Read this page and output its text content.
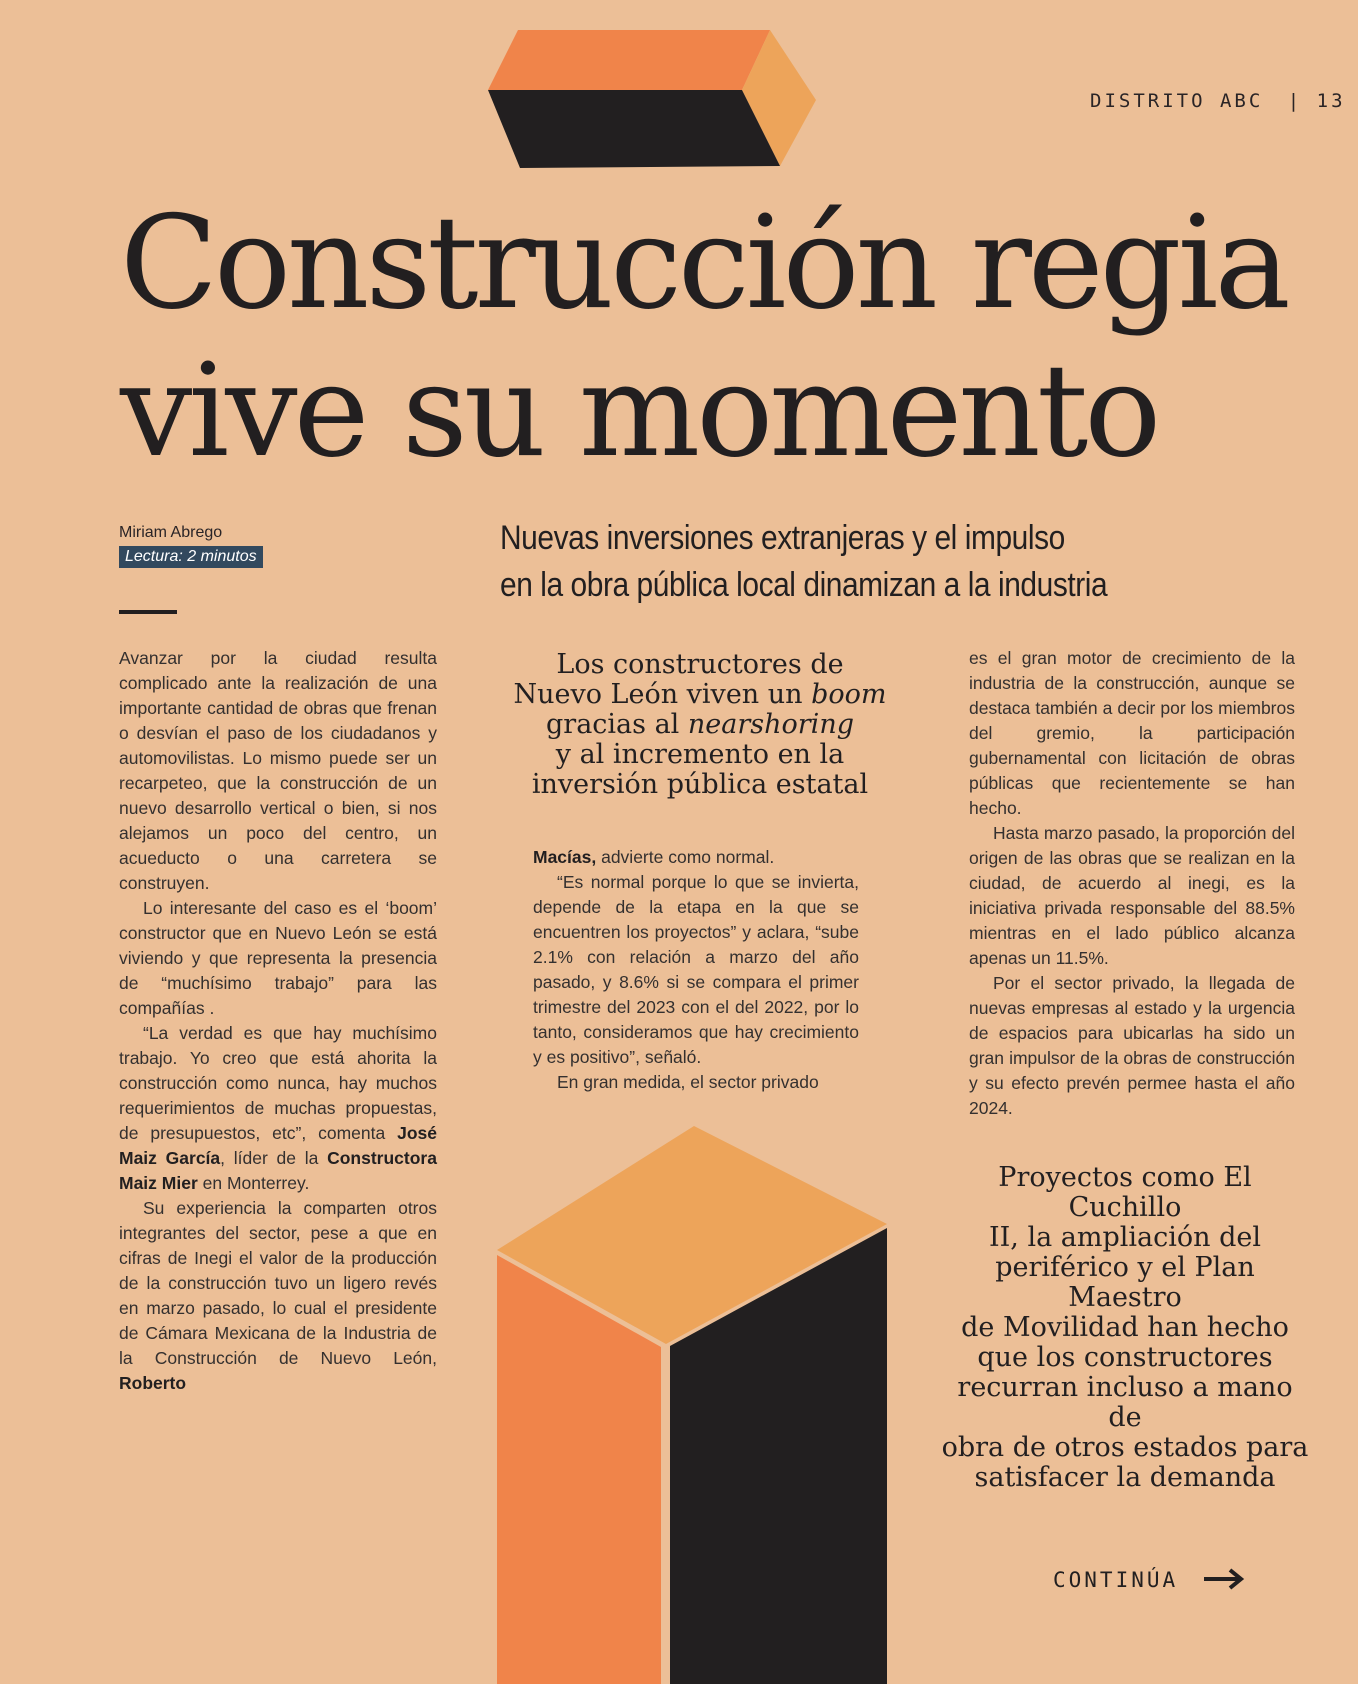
DISTRITO ABC | 13
Construcción regia
vive su momento
Miriam Abrego
Lectura: 2 minutos	Nuevas inversiones extranjeras y el impulso
en la obra pública local dinamizan a la industria

Avanzar por la ciudad resulta complicado ante la realización de una importante cantidad de obras que frenan o desvían el paso de los ciudadanos y automovilistas. Lo mismo puede ser un recarpeteo, que la construcción de un nuevo desarrollo vertical o bien, si nos alejamos un poco del centro, un acueducto o una carretera se construyen.

Lo interesante del caso es el ‘boom’ constructor que en Nuevo León se está viviendo y que representa la presencia de “muchísimo trabajo” para las compañías .

“La verdad es que hay muchísimo trabajo. Yo creo que está ahorita la construcción como nunca, hay muchos requerimientos de muchas propuestas, de presupuestos, etc”, comenta José Maiz García, líder de la Constructora Maiz Mier en Monterrey.

Su experiencia la comparten otros integrantes del sector, pese a que en cifras de Inegi el valor de la producción de la construcción tuvo un ligero revés en marzo pasado, lo cual el presidente de Cámara Mexicana de la Industria de la Construcción de Nuevo León, Roberto

Los constructores de
Nuevo León viven un boom
gracias al nearshoring
y al incremento en la
inversión pública estatal

Macías, advierte como normal.

“Es normal porque lo que se invierta, depende de la etapa en la que se encuentren los proyectos” y aclara, “sube 2.1% con relación a marzo del año pasado, y 8.6% si se compara el primer trimestre del 2023 con el del 2022, por lo tanto, consideramos que hay crecimiento y es positivo”, señaló.

En gran medida, el sector privado

es el gran motor de crecimiento de la industria de la construcción, aunque se destaca también a decir por los miembros del gremio, la participación gubernamental con licitación de obras públicas que recientemente se han hecho.

Hasta marzo pasado, la proporción del origen de las obras que se realizan en la ciudad, de acuerdo al inegi, es la iniciativa privada responsable del 88.5% mientras en el lado público alcanza apenas un 11.5%.

Por el sector privado, la llegada de nuevas empresas al estado y la urgencia de espacios para ubicarlas ha sido un gran impulsor de la obras de construcción y su efecto prevén permee hasta el año 2024.

Proyectos como El Cuchillo
II, la ampliación del
periférico y el Plan Maestro
de Movilidad han hecho
que los constructores
recurran incluso a mano de
obra de otros estados para
satisfacer la demanda
CONTINÚA
